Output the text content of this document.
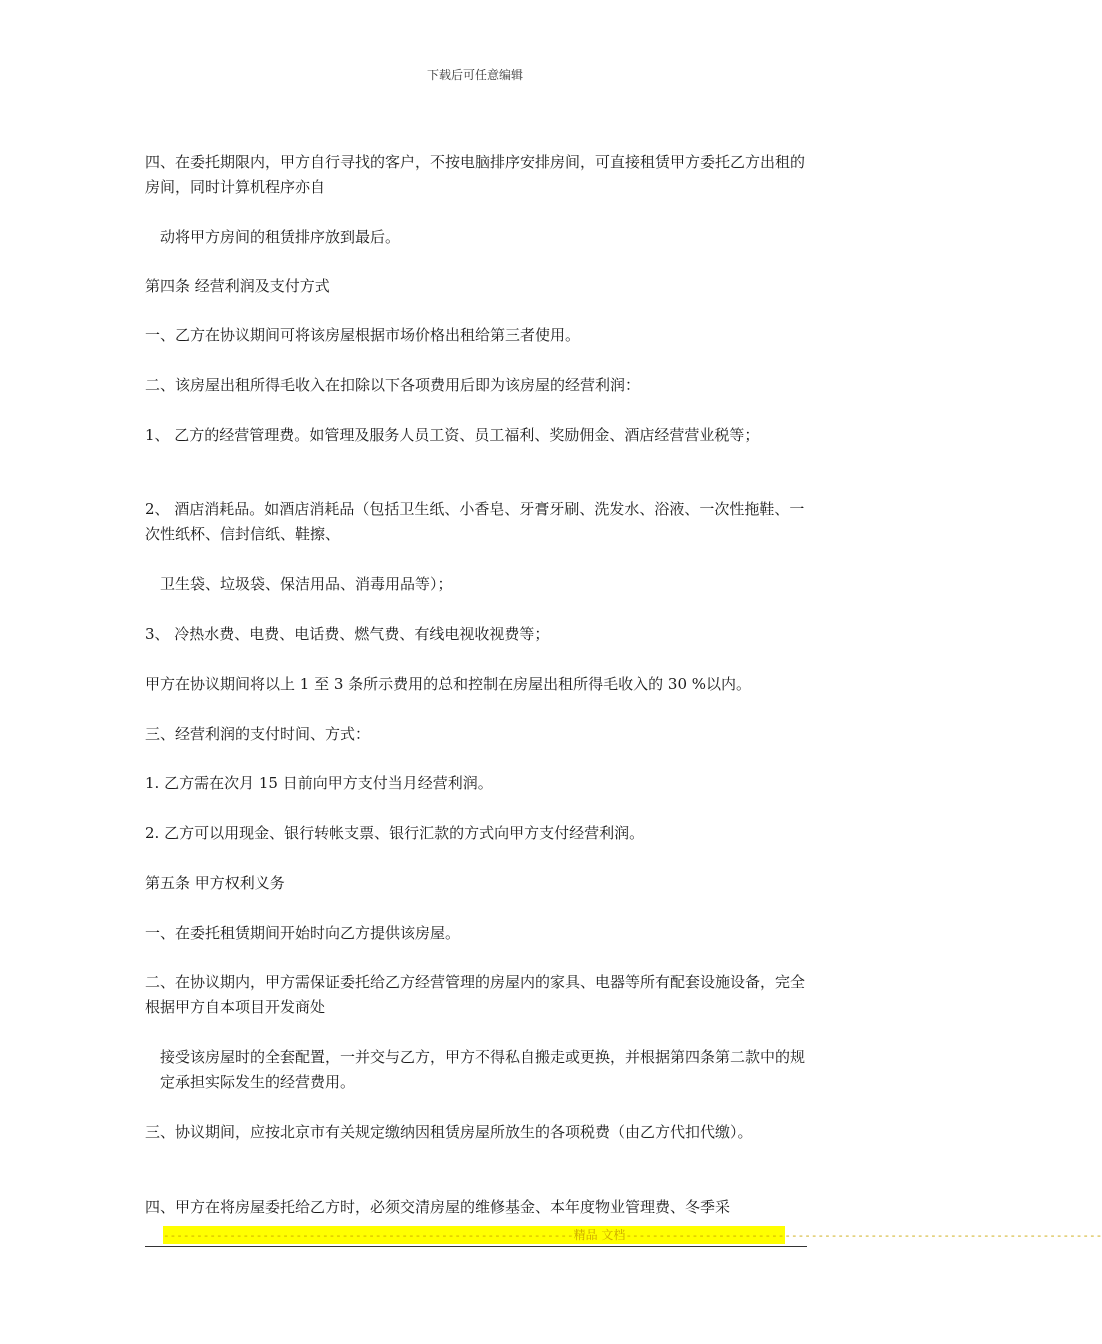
下载后可任意编辑

四、在委托期限内，甲方自行寻找的客户，不按电脑排序安排房间，可直接租赁甲方委托乙方出租的房间，同时计算机程序亦自

动将甲方房间的租赁排序放到最后。

第四条 经营利润及支付方式

一、乙方在协议期间可将该房屋根据市场价格出租给第三者使用。

二、该房屋出租所得毛收入在扣除以下各项费用后即为该房屋的经营利润：

1、 乙方的经营管理费。如管理及服务人员工资、员工福利、奖励佣金、酒店经营营业税等；

2、 酒店消耗品。如酒店消耗品（包括卫生纸、小香皂、牙膏牙刷、洗发水、浴液、一次性拖鞋、一次性纸杯、信封信纸、鞋擦、

卫生袋、垃圾袋、保洁用品、消毒用品等）；

3、 冷热水费、电费、电话费、燃气费、有线电视收视费等；

甲方在协议期间将以上 1 至 3 条所示费用的总和控制在房屋出租所得毛收入的 30 %以内。

三、经营利润的支付时间、方式：

1. 乙方需在次月 15 日前向甲方支付当月经营利润。

2. 乙方可以用现金、银行转帐支票、银行汇款的方式向甲方支付经营利润。

第五条 甲方权利义务

一、在委托租赁期间开始时向乙方提供该房屋。

二、在协议期内，甲方需保证委托给乙方经营管理的房屋内的家具、电器等所有配套设施设备，完全根据甲方自本项目开发商处

接受该房屋时的全套配置，一并交与乙方，甲方不得私自搬走或更换，并根据第四条第二款中的规定承担实际发生的经营费用。

三、协议期间，应按北京市有关规定缴纳因租赁房屋所放生的各项税费（由乙方代扣代缴）。

四、甲方在将房屋委托给乙方时，必须交清房屋的维修基金、本年度物业管理费、冬季采

--------------------------------------------------------------精品 文档------------------------------------------------------------------------
